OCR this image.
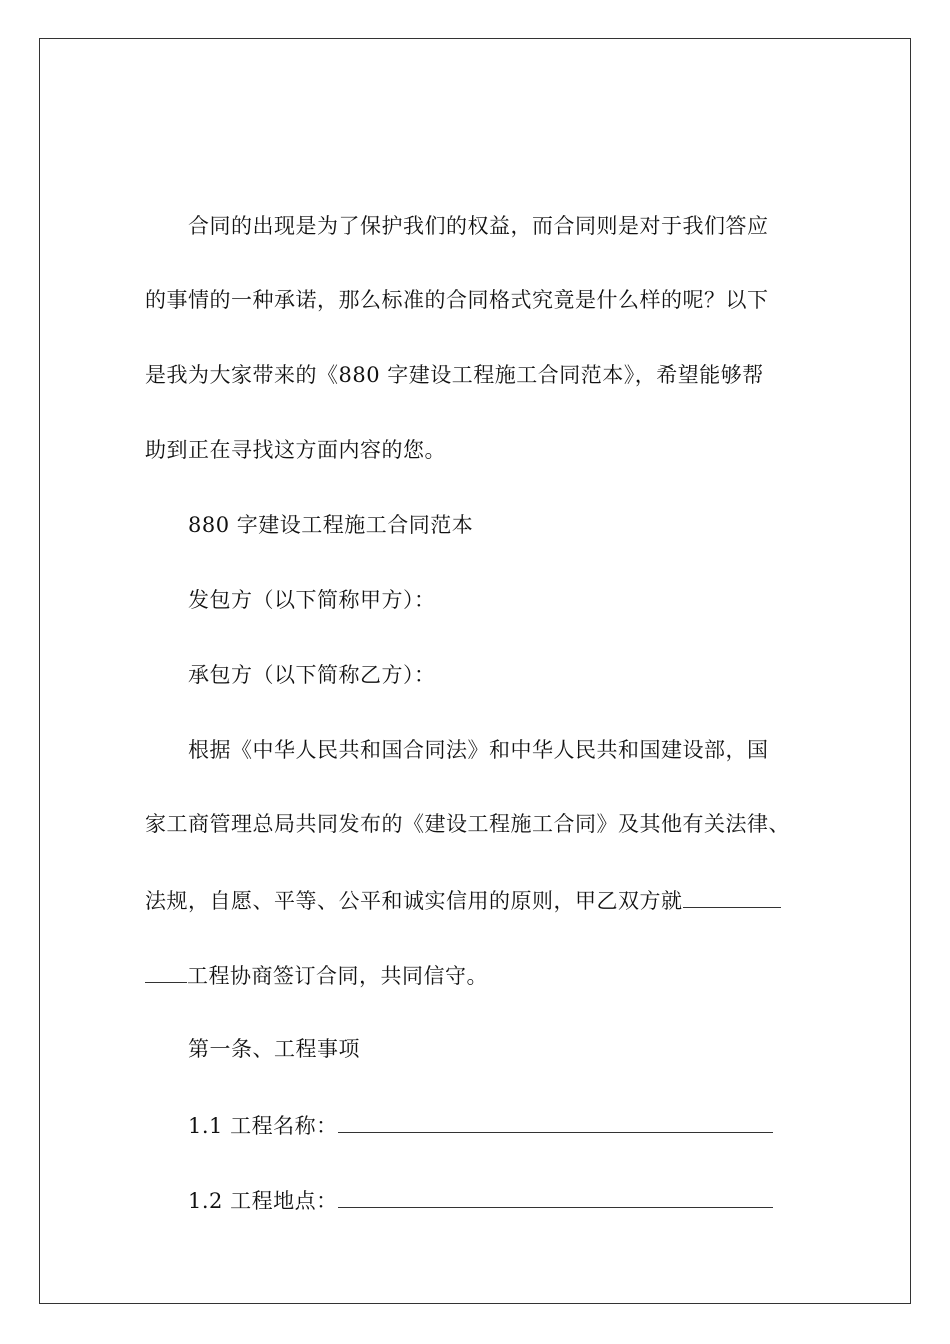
合同的出现是为了保护我们的权益，而合同则是对于我们答应
的事情的一种承诺，那么标准的合同格式究竟是什么样的呢？以下
是我为大家带来的《880 字建设工程施工合同范本》，希望能够帮
助到正在寻找这方面内容的您。
880 字建设工程施工合同范本
发包方（以下简称甲方）：
承包方（以下简称乙方）：
根据《中华人民共和国合同法》和中华人民共和国建设部，国
家工商管理总局共同发布的《建设工程施工合同》及其他有关法律、
法规，自愿、平等、公平和诚实信用的原则，甲乙双方就
工程协商签订合同，共同信守。
第一条、工程事项
1.1 工程名称：
1.2 工程地点：
